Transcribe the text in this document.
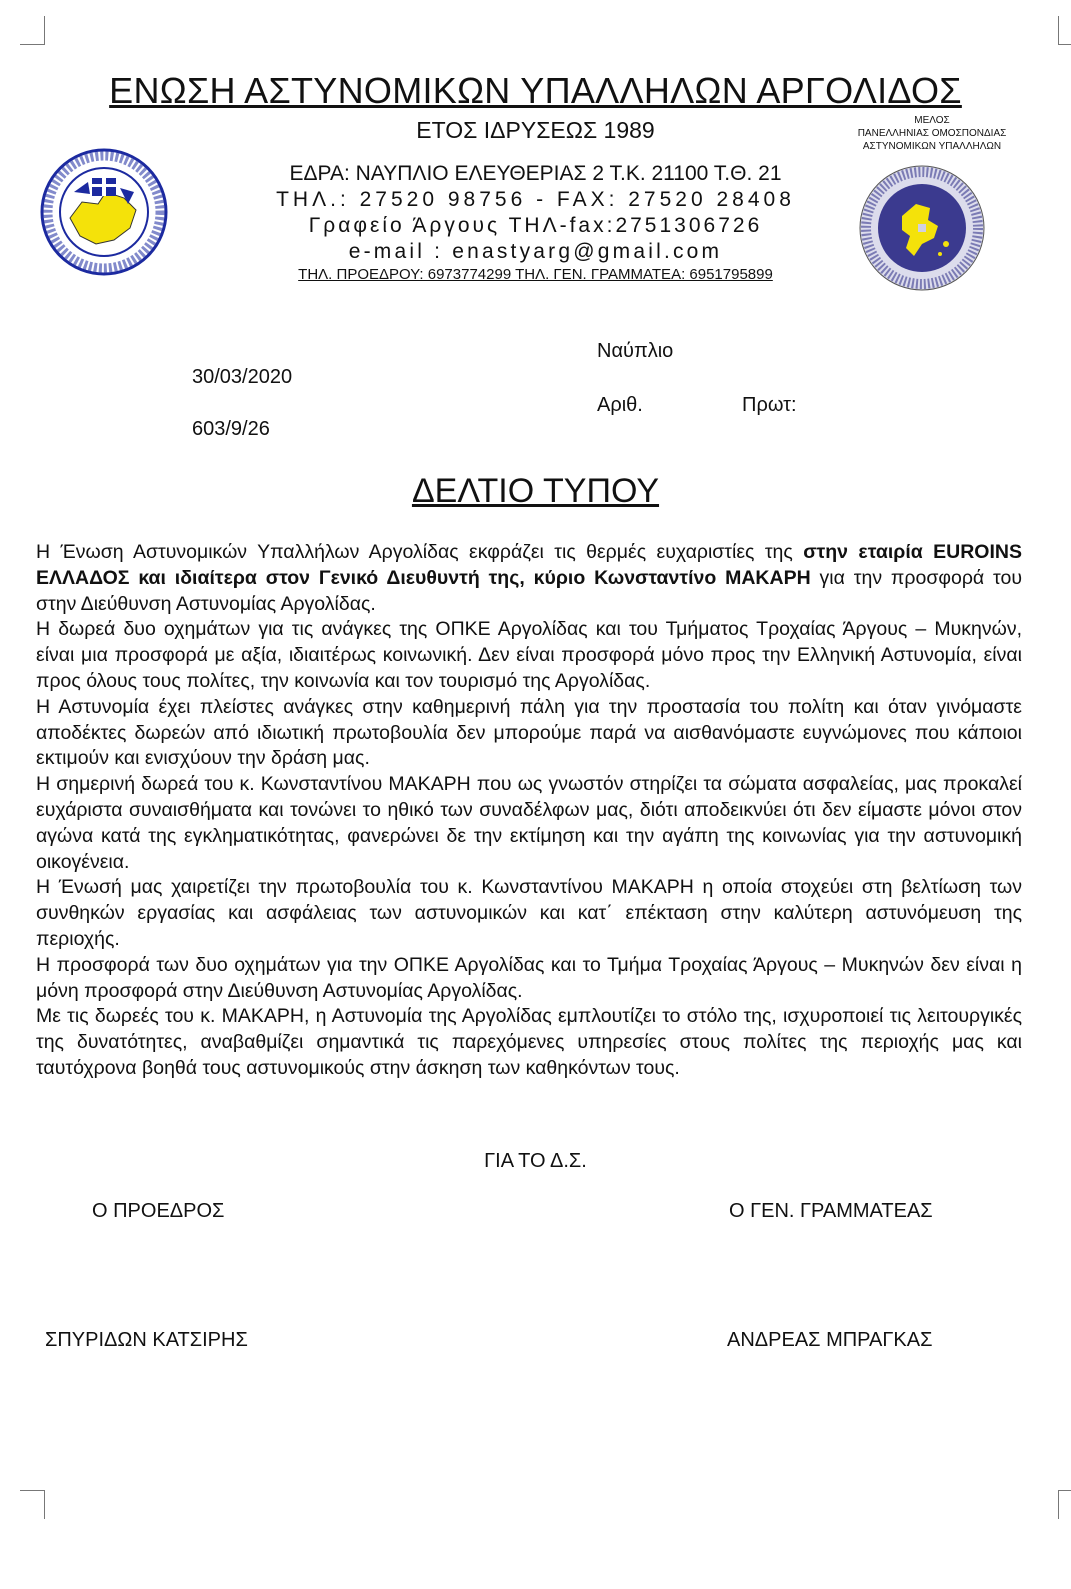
ΕΝΩΣΗ ΑΣΤΥΝΟΜΙΚΩΝ ΥΠΑΛΛΗΛΩΝ ΑΡΓΟΛΙΔΟΣ
ΕΤΟΣ ΙΔΡΥΣΕΩΣ 1989	ΜΕΛΟΣ
ΠΑΝΕΛΛΗΝΙΑΣ ΟΜΟΣΠΟΝΔΙΑΣ
ΑΣΤΥΝΟΜΙΚΩΝ ΥΠΑΛΛΗΛΩΝ
ΕΔΡΑ: ΝΑΥΠΛΙΟ ΕΛΕΥΘΕΡΙΑΣ 2 Τ.Κ. 21100 Τ.Θ. 21
ΤΗΛ.: 27520 98756 - FAX: 27520 28408
Γραφείο Άργους ΤΗΛ-fax:2751306726
e-mail : enastyarg@gmail.com
ΤΗΛ. ΠΡΟΕΔΡΟΥ: 6973774299 ΤΗΛ. ΓΕΝ. ΓΡΑΜΜΑΤΕΑ: 6951795899
Ναύπλιο
30/03/2020
Αριθ.	Πρωτ:
603/9/26
ΔΕΛΤΙΟ ΤΥΠΟΥ

Η Ένωση Αστυνομικών Υπαλλήλων Αργολίδας εκφράζει τις θερμές ευχαριστίες της στην εταιρία EUROINS ΕΛΛΑΔΟΣ και ιδιαίτερα στον Γενικό Διευθυντή της, κύριο Κωνσταντίνο ΜΑΚΑΡΗ για την προσφορά του στην Διεύθυνση Αστυνομίας Αργολίδας.

Η δωρεά δυο οχημάτων για τις ανάγκες της ΟΠΚΕ Αργολίδας και του Τμήματος Τροχαίας Άργους – Μυκηνών, είναι μια προσφορά με αξία, ιδιαιτέρως κοινωνική. Δεν είναι προσφορά μόνο προς την Ελληνική Αστυνομία, είναι προς όλους τους πολίτες, την κοινωνία και τον τουρισμό της Αργολίδας.

Η Αστυνομία έχει πλείστες ανάγκες στην καθημερινή πάλη για την προστασία του πολίτη και όταν γινόμαστε αποδέκτες δωρεών από ιδιωτική πρωτοβουλία δεν μπορούμε παρά να αισθανόμαστε ευγνώμονες που κάποιοι εκτιμούν και ενισχύουν την δράση μας.

Η σημερινή δωρεά του κ. Κωνσταντίνου ΜΑΚΑΡΗ που ως γνωστόν στηρίζει τα σώματα ασφαλείας, μας προκαλεί ευχάριστα συναισθήματα και τονώνει το ηθικό των συναδέλφων μας, διότι αποδεικνύει ότι δεν είμαστε μόνοι στον αγώνα κατά της εγκληματικότητας, φανερώνει δε την εκτίμηση και την αγάπη της κοινωνίας για την αστυνομική οικογένεια.

Η Ένωσή μας χαιρετίζει την πρωτοβουλία του κ. Κωνσταντίνου ΜΑΚΑΡΗ η οποία στοχεύει στη βελτίωση των συνθηκών εργασίας και ασφάλειας των αστυνομικών και κατ΄ επέκταση στην καλύτερη αστυνόμευση της περιοχής.

Η προσφορά των δυο οχημάτων για την ΟΠΚΕ Αργολίδας και το Τμήμα Τροχαίας Άργους – Μυκηνών δεν είναι η μόνη προσφορά στην Διεύθυνση Αστυνομίας Αργολίδας.

Με τις δωρεές του κ. ΜΑΚΑΡΗ, η Αστυνομία της Αργολίδας εμπλουτίζει το στόλο της, ισχυροποιεί τις λειτουργικές της δυνατότητες, αναβαθμίζει σημαντικά τις παρεχόμενες υπηρεσίες στους πολίτες της περιοχής μας και ταυτόχρονα βοηθά τους αστυνομικούς στην άσκηση των καθηκόντων τους.

ΓΙΑ ΤΟ Δ.Σ.
Ο ΠΡΟΕΔΡΟΣ	Ο ΓΕΝ. ΓΡΑΜΜΑΤΕΑΣ
ΣΠΥΡΙΔΩΝ ΚΑΤΣΙΡΗΣ	ΑΝΔΡΕΑΣ ΜΠΡΑΓΚΑΣ
